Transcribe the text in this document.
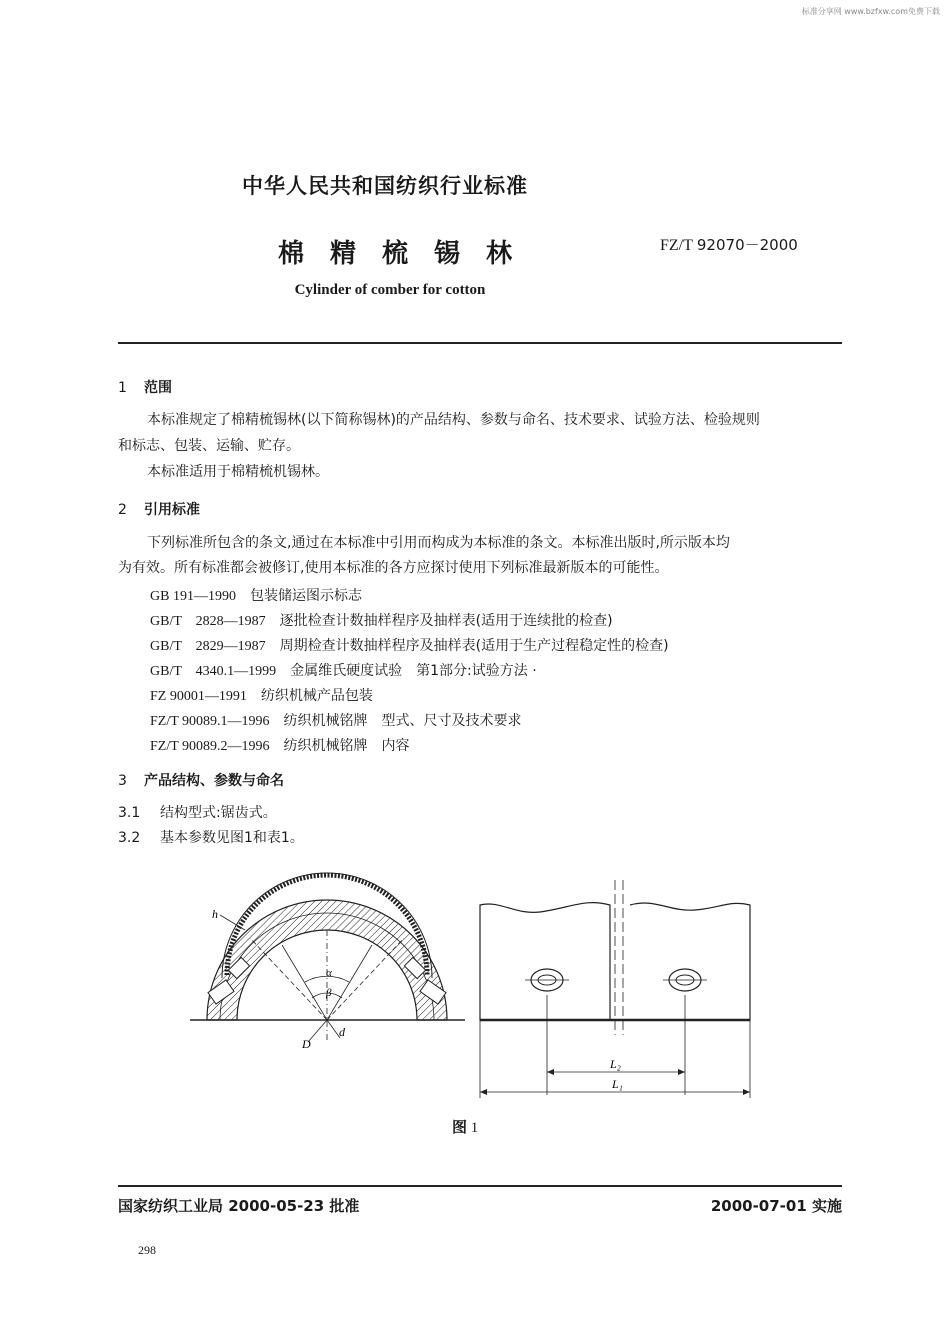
标准分享网 www.bzfxw.com免费下载
中华人民共和国纺织行业标准
棉精梳锡林	FZ/T 92070－2000
Cylinder of comber for cotton
1 范围
本标准规定了棉精梳锡林(以下简称锡林)的产品结构、参数与命名、技术要求、试验方法、检验规则
和标志、包装、运输、贮存。
本标准适用于棉精梳机锡林。
2 引用标准
下列标准所包含的条文,通过在本标准中引用而构成为本标准的条文。本标准出版时,所示版本均
为有效。所有标准都会被修订,使用本标准的各方应探讨使用下列标准最新版本的可能性。
GB 191—1990　 包装储运图示标志
GB/T　2828—1987　 逐批检查计数抽样程序及抽样表(适用于连续批的检查)
GB/T　2829—1987　 周期检查计数抽样程序及抽样表(适用于生产过程稳定性的检查)
GB/T　4340.1—1999　 金属维氏硬度试验　第1部分:试验方法 ·
FZ 90001—1991　 纺织机械产品包装
FZ/T 90089.1—1996　 纺织机械铭牌　型式、尺寸及技术要求
FZ/T 90089.2—1996　 纺织机械铭牌　内容
3 产品结构、参数与命名
3.1 结构型式:锯齿式。
3.2 基本参数见图1和表1。
h
α
β
D
d
L₂
L₁
图 1
国家纺织工业局 2000-05-23 批准	2000-07-01 实施
298
